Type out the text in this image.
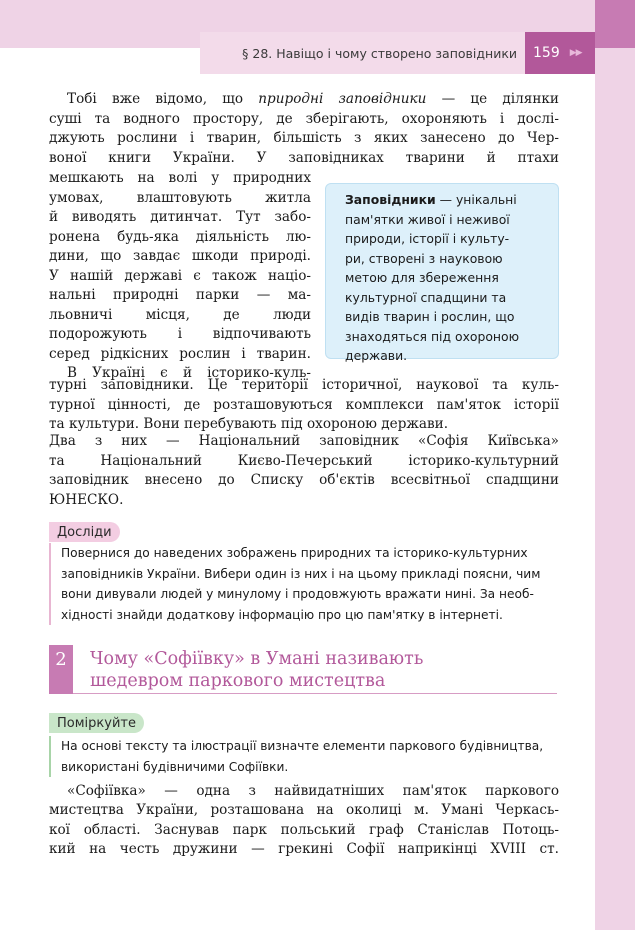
§ 28. Навіщо і чому створено заповідники 159 ▶▶
Тобі вже відомо, що природні заповідники — це ділянки
суші та водного простору, де зберігають, охороняють і дослі-
джують рослини і тварин, більшість з яких занесено до Чер-
воної книги України. У заповідниках тварини й птахи
мешкають на волі у природних
умовах, влаштовують житла
й виводять дитинчат. Тут забо-
ронена будь-яка діяльність лю-
дини, що завдає шкоди природі.
У нашій державі є також націо-
нальні природні парки — ма-
льовничі місця, де люди
подорожують і відпочивають
серед рідкісних рослин і тварин.
В Україні є й історико-куль-
Заповідники — унікальні
пам'ятки живої і неживої
природи, історії і культу-
ри, створені з науковою
метою для збереження
культурної спадщини та
видів тварин і рослин, що
знаходяться під охороною
держави.
турні заповідники. Це території історичної, наукової та куль-
турної цінності, де розташовуються комплекси пам'яток історії
та культури. Вони перебувають під охороною держави.
Два з них — Національний заповідник «Софія Київська»
та Національний Києво-Печерський історико-культурний
заповідник внесено до Списку об'єктів всесвітньої спадщини
ЮНЕСКО.
Досліди
Повернися до наведених зображень природних та історико-культурних
заповідників України. Вибери один із них і на цьому прикладі поясни, чим
вони дивували людей у минулому і продовжують вражати нині. За необ-
хідності знайди додаткову інформацію про цю пам'ятку в інтернеті.
2 Чому «Софіївку» в Умані називають
шедевром паркового мистецтва
Поміркуйте
На основі тексту та ілюстрації визначте елементи паркового будівництва,
використані будівничими Софіївки.
«Софіївка» — одна з найвидатніших пам'яток паркового
мистецтва України, розташована на околиці м. Умані Черкась-
кої області. Заснував парк польський граф Станіслав Потоць-
кий на честь дружини — грекині Софії наприкінці XVIII ст.
